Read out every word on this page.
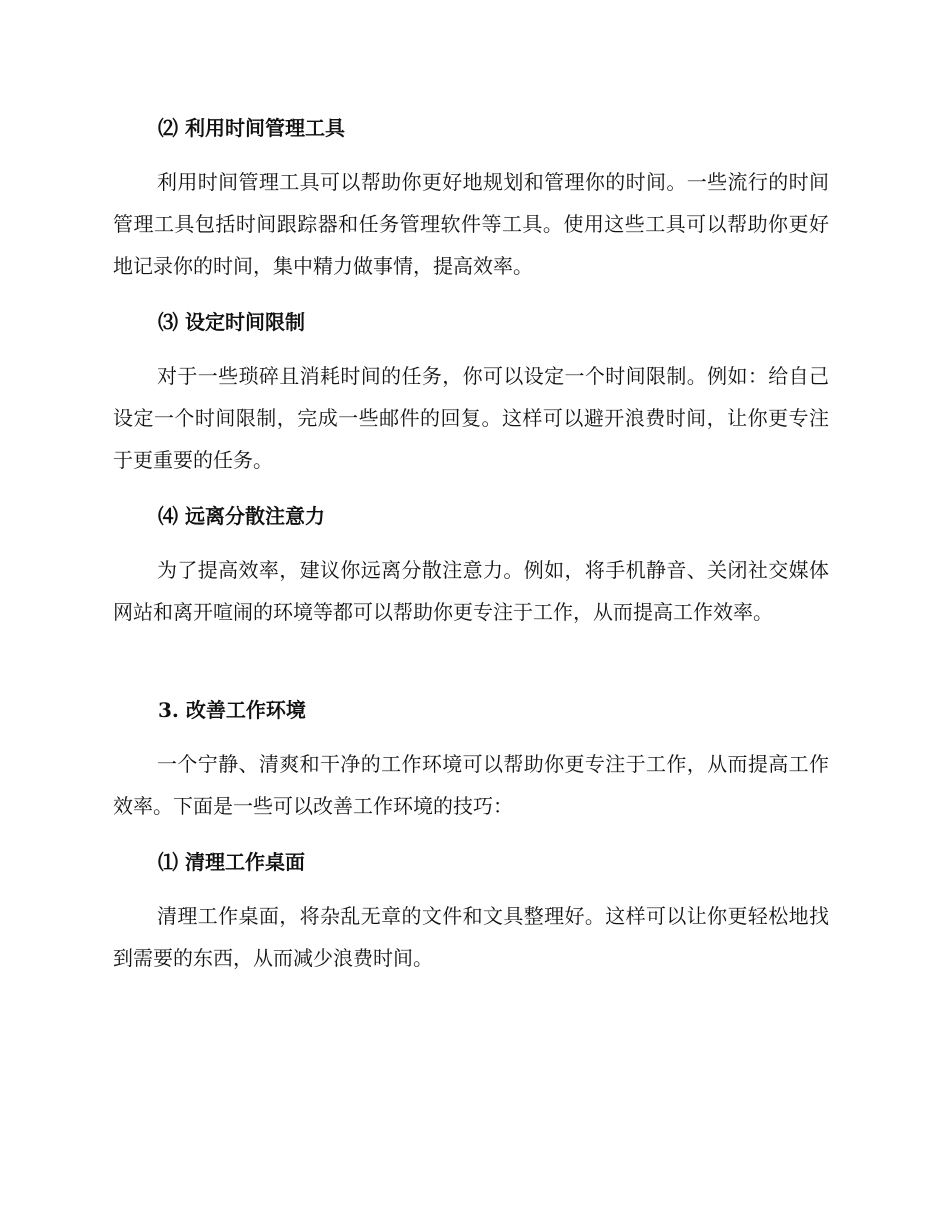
⑵ 利用时间管理工具

利用时间管理工具可以帮助你更好地规划和管理你的时间。一些流行的时间管理工具包括时间跟踪器和任务管理软件等工具。使用这些工具可以帮助你更好地记录你的时间，集中精力做事情，提高效率。

⑶ 设定时间限制

对于一些琐碎且消耗时间的任务，你可以设定一个时间限制。例如：给自己设定一个时间限制，完成一些邮件的回复。这样可以避开浪费时间，让你更专注于更重要的任务。

⑷ 远离分散注意力

为了提高效率，建议你远离分散注意力。例如，将手机静音、关闭社交媒体网站和离开喧闹的环境等都可以帮助你更专注于工作，从而提高工作效率。

3. 改善工作环境

一个宁静、清爽和干净的工作环境可以帮助你更专注于工作，从而提高工作效率。下面是一些可以改善工作环境的技巧：

⑴ 清理工作桌面

清理工作桌面，将杂乱无章的文件和文具整理好。这样可以让你更轻松地找到需要的东西，从而减少浪费时间。
